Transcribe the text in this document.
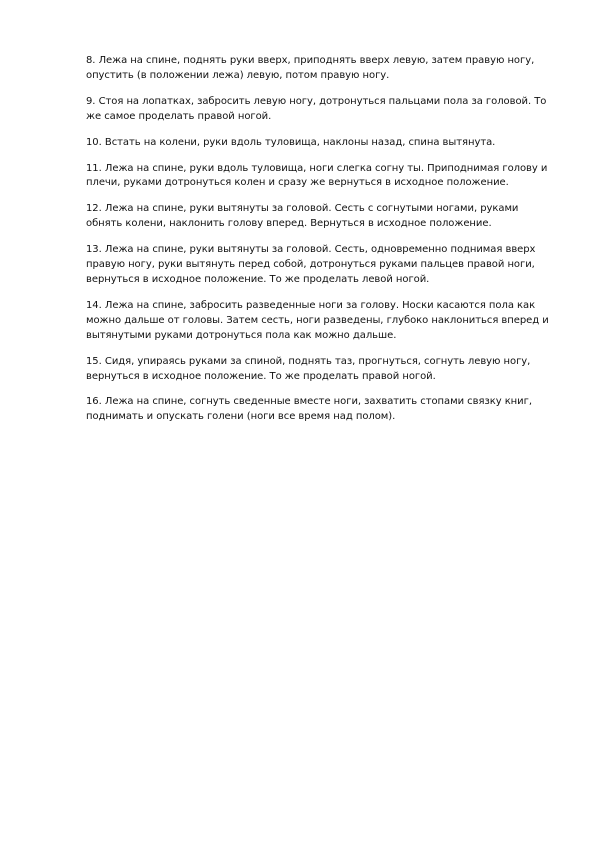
8. Лежа на спине, поднять руки вверх, приподнять вверх левую, затем правую ногу, опустить (в положении лежа) левую, потом правую ногу.

9. Стоя на лопатках, забросить левую ногу, дотронуться пальцами пола за головой. То же самое проделать правой ногой.

10. Встать на колени, руки вдоль туловища, наклоны назад, спина вытянута.

11. Лежа на спине, руки вдоль туловища, ноги слегка согну ты. Приподнимая голову и плечи, руками дотронуться колен и сразу же вернуться в исходное положение.

12. Лежа на спине, руки вытянуты за головой. Сесть с согнутыми ногами, руками обнять колени, наклонить голову вперед. Вернуться в исходное положение.

13. Лежа на спине, руки вытянуты за головой. Сесть, одновременно поднимая вверх правую ногу, руки вытянуть перед собой, дотронуться руками пальцев правой ноги, вернуться в исходное положение. То же проделать левой ногой.

14. Лежа на спине, забросить разведенные ноги за голову. Носки касаются пола как можно дальше от головы. Затем сесть, ноги разведены, глубоко наклониться вперед и вытянутыми руками дотронуться пола как можно дальше.

15. Сидя, упираясь руками за спиной, поднять таз, прогнуться, согнуть левую ногу, вернуться в исходное положение. То же проделать правой ногой.

16. Лежа на спине, согнуть сведенные вместе ноги, захватить стопами связку книг, поднимать и опускать голени (ноги все время над полом).
